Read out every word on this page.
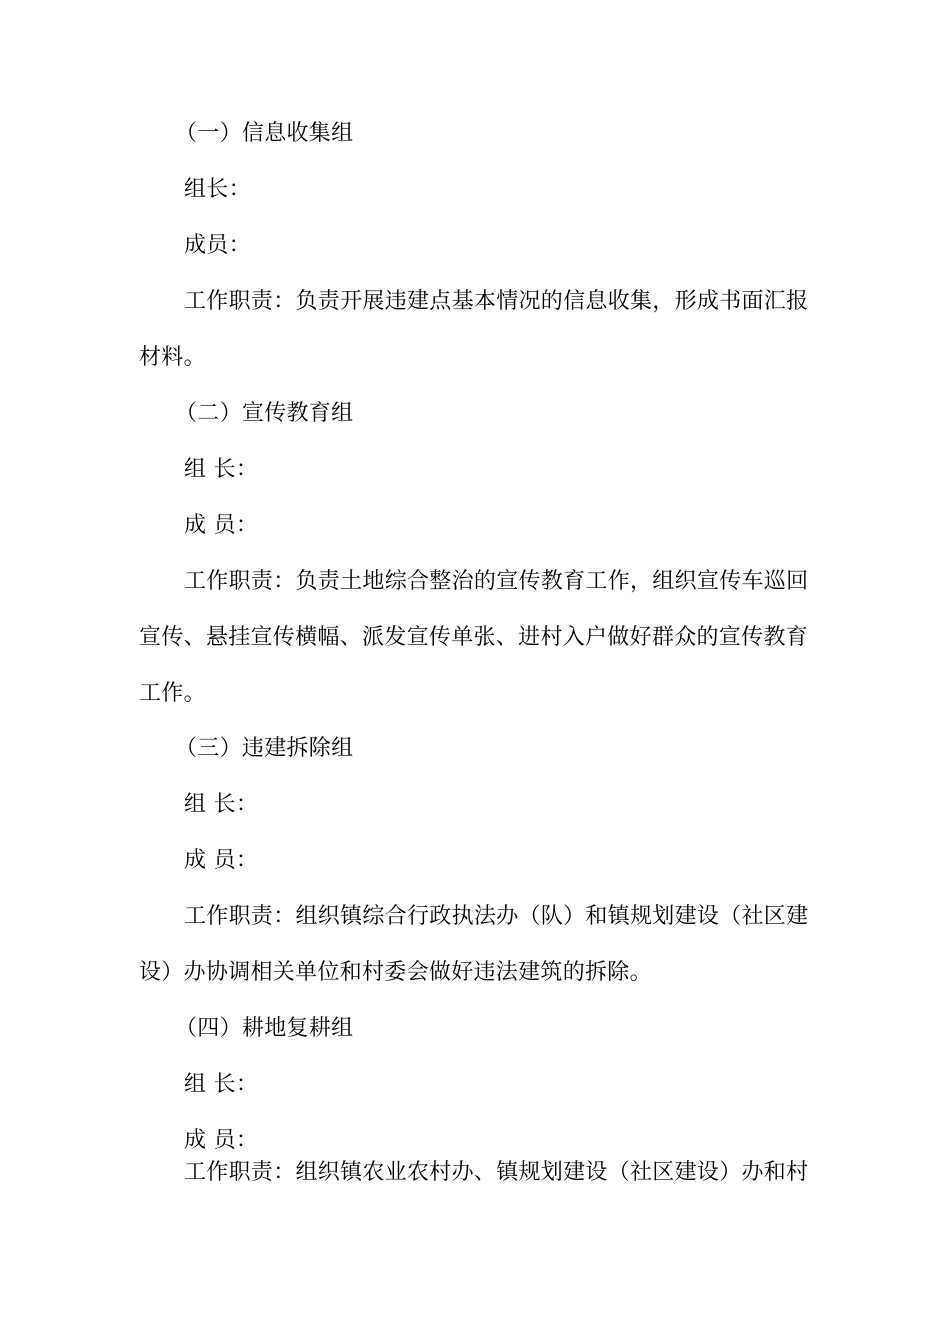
（一）信息收集组
组长：
成员：
工作职责：负责开展违建点基本情况的信息收集，形成书面汇报
材料。
（二）宣传教育组
组 长：
成 员：
工作职责：负责土地综合整治的宣传教育工作，组织宣传车巡回
宣传、悬挂宣传横幅、派发宣传单张、进村入户做好群众的宣传教育
工作。
（三）违建拆除组
组 长：
成 员：
工作职责：组织镇综合行政执法办（队）和镇规划建设（社区建
设）办协调相关单位和村委会做好违法建筑的拆除。
（四）耕地复耕组
组 长：
成 员：
工作职责：组织镇农业农村办、镇规划建设（社区建设）办和村
